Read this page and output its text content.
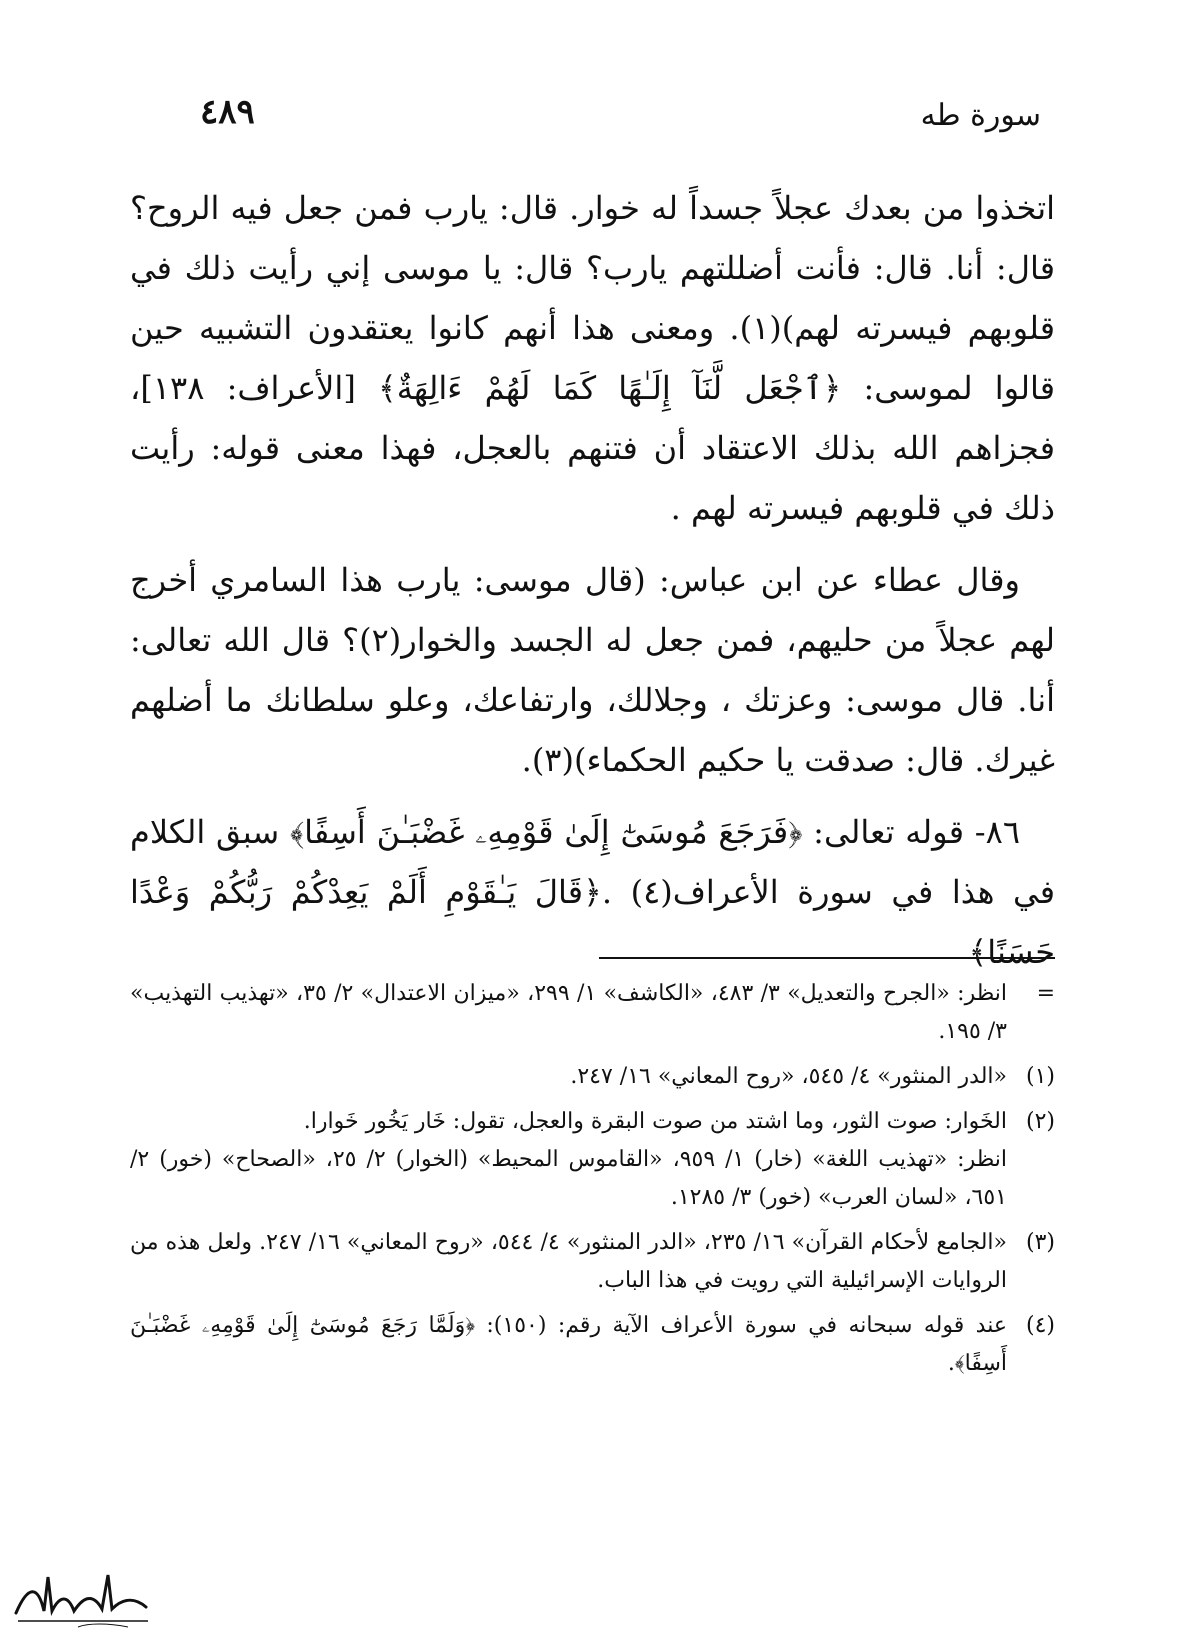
سورة طه
٤٨٩

اتخذوا من بعدك عجلاً جسداً له خوار. قال: يارب فمن جعل فيه الروح؟ قال: أنا. قال: فأنت أضللتهم يارب؟ قال: يا موسى إني رأيت ذلك في قلوبهم فيسرته لهم)(١). ومعنى هذا أنهم كانوا يعتقدون التشبيه حين قالوا لموسى: ﴿ٱجْعَل لَّنَآ إِلَـٰهًا كَمَا لَهُمْ ءَالِهَةٌ﴾ [الأعراف: ١٣٨]، فجزاهم الله بذلك الاعتقاد أن فتنهم بالعجل، فهذا معنى قوله: رأيت ذلك في قلوبهم فيسرته لهم .

وقال عطاء عن ابن عباس: (قال موسى: يارب هذا السامري أخرج لهم عجلاً من حليهم، فمن جعل له الجسد والخوار(٢)؟ قال الله تعالى: أنا. قال موسى: وعزتك ، وجلالك، وارتفاعك، وعلو سلطانك ما أضلهم غيرك. قال: صدقت يا حكيم الحكماء)(٣).

٨٦- قوله تعالى: ﴿فَرَجَعَ مُوسَىٰٓ إِلَىٰ قَوْمِهِۦ غَضْبَـٰنَ أَسِفًا﴾ سبق الكلام في هذا في سورة الأعراف(٤) .﴿قَالَ يَـٰقَوْمِ أَلَمْ يَعِدْكُمْ رَبُّكُمْ وَعْدًا حَسَنًا﴾

=
انظر: «الجرح والتعديل» ٣/ ٤٨٣، «الكاشف» ١/ ٢٩٩، «ميزان الاعتدال» ٢/ ٣٥، «تهذيب التهذيب» ٣/ ١٩٥.
(١)
«الدر المنثور» ٤/ ٥٤٥، «روح المعاني» ١٦/ ٢٤٧.
(٢)
الخَوار: صوت الثور، وما اشتد من صوت البقرة والعجل، تقول: خَار يَخُور خَوارا.
انظر: «تهذيب اللغة» (خار) ١/ ٩٥٩، «القاموس المحيط» (الخوار) ٢/ ٢٥، «الصحاح» (خور) ٢/ ٦٥١، «لسان العرب» (خور) ٣/ ١٢٨٥.
(٣)
«الجامع لأحكام القرآن» ١٦/ ٢٣٥، «الدر المنثور» ٤/ ٥٤٤، «روح المعاني» ١٦/ ٢٤٧. ولعل هذه من الروايات الإسرائيلية التي رويت في هذا الباب.
(٤)
عند قوله سبحانه في سورة الأعراف الآية رقم: (١٥٠): ﴿وَلَمَّا رَجَعَ مُوسَىٰٓ إِلَىٰ قَوْمِهِۦ غَضْبَـٰنَ أَسِفًا﴾.
